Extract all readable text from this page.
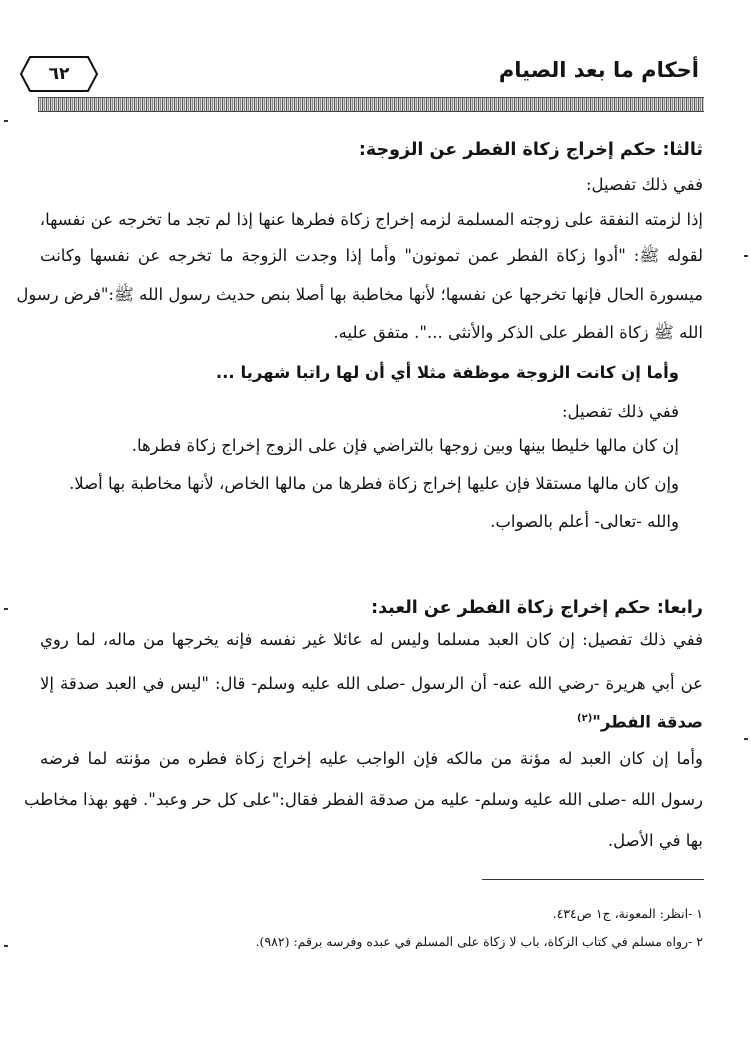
٦٢	أحكام ما بعد الصيام
ثالثا: حكم إخراج زكاة الفطر عن الزوجة:
ففي ذلك تفصيل:
إذا لزمته النفقة على زوجته المسلمة لزمه إخراج زكاة فطرها عنها إذا لم تجد ما تخرجه عن نفسها،
لقوله ﷺ: "أدوا زكاة الفطر عمن تمونون" وأما إذا وجدت الزوجة ما تخرجه عن نفسها وكانت
ميسورة الحال فإنها تخرجها عن نفسها؛ لأنها مخاطبة بها أصلا بنص حديث رسول الله ﷺ:"فرض رسول
الله ﷺ زكاة الفطر على الذكر والأنثى ...". متفق عليه.
وأما إن كانت الزوجة موظفة مثلا أي أن لها راتبا شهريا ...
ففي ذلك تفصيل:
إن كان مالها خليطا بينها وبين زوجها بالتراضي فإن على الزوج إخراج زكاة فطرها.
وإن كان مالها مستقلا فإن عليها إخراج زكاة فطرها من مالها الخاص، لأنها مخاطبة بها أصلا.
والله -تعالى- أعلم بالصواب.
رابعا: حكم إخراج زكاة الفطر عن العبد:
ففي ذلك تفصيل: إن كان العبد مسلما وليس له عائلا غير نفسه فإنه يخرجها من ماله، لما روي
عن أبي هريرة -رضي الله عنه- أن الرسول -صلى الله عليه وسلم- قال: "ليس في العبد صدقة إلا
صدقة الفطر"$^{(٢)}$
وأما إن كان العبد له مؤنة من مالكه فإن الواجب عليه إخراج زكاة فطره من مؤنته لما فرضه
رسول الله -صلى الله عليه وسلم- عليه من صدقة الفطر فقال:"على كل حر وعبد". فهو بهذا مخاطب
بها في الأصل.
١ -انظر: المعونة، ج١ ص٤٣٤.
٢ -رواه مسلم في كتاب الزكاة، باب لا زكاة على المسلم في عبده وفرسه برقم: (٩٨٢).
